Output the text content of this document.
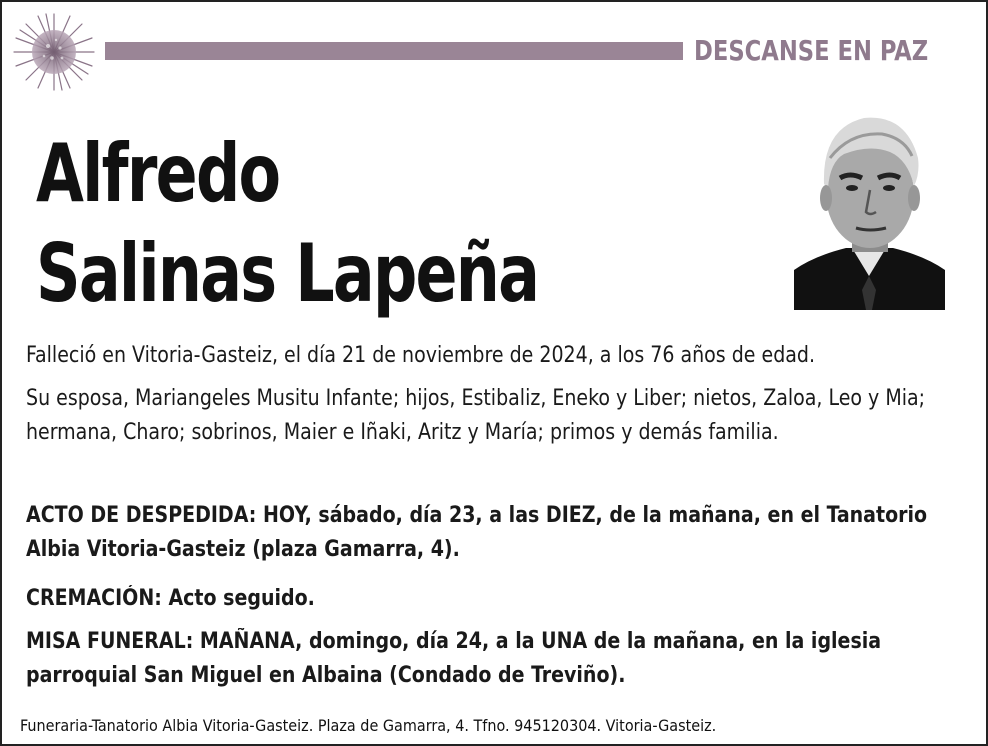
DESCANSE EN PAZ
Alfredo
Salinas Lapeña
Falleció en Vitoria-Gasteiz, el día 21 de noviembre de 2024, a los 76 años de edad.
Su esposa, Mariangeles Musitu Infante; hijos, Estibaliz, Eneko y Liber; nietos, Zaloa, Leo y Mia; hermana, Charo; sobrinos, Maier e Iñaki, Aritz y María; primos y demás familia.
ACTO DE DESPEDIDA: HOY, sábado, día 23, a las DIEZ, de la mañana, en el Tanatorio Albia Vitoria-Gasteiz (plaza Gamarra, 4).
CREMACIÓN: Acto seguido.
MISA FUNERAL: MAÑANA, domingo, día 24, a la UNA de la mañana, en la iglesia parroquial San Miguel en Albaina (Condado de Treviño).
Funeraria-Tanatorio Albia Vitoria-Gasteiz. Plaza de Gamarra, 4. Tfno. 945120304. Vitoria-Gasteiz.
